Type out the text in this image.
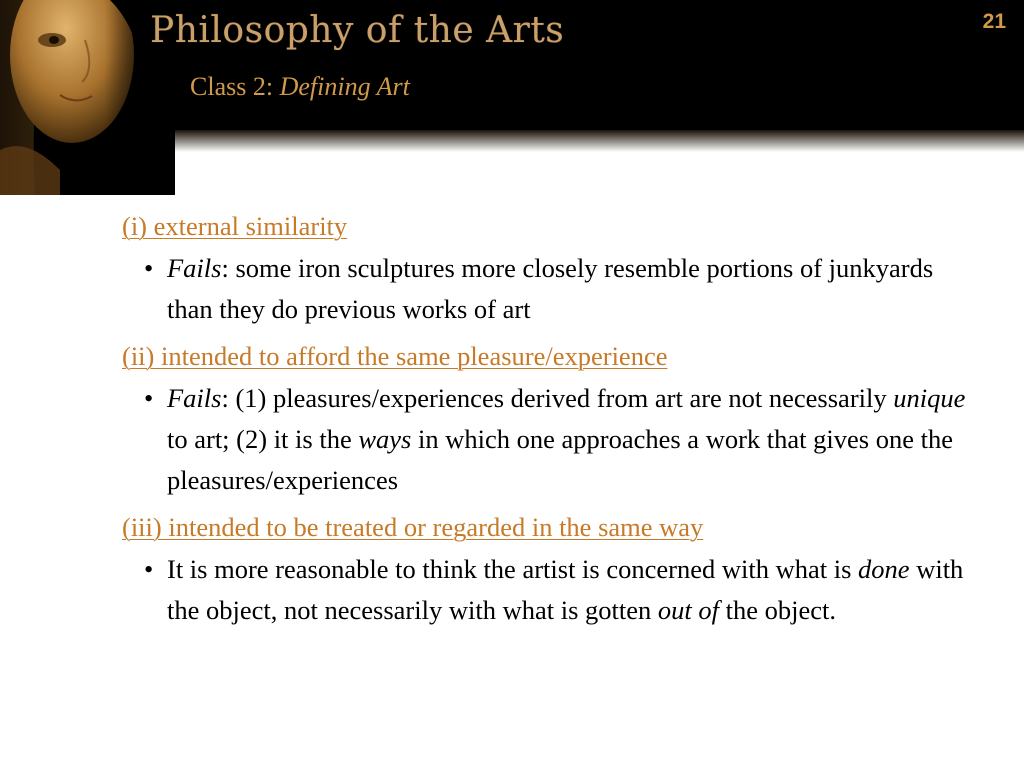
Philosophy of the Arts
Class 2: Defining Art
21
(i) external similarity
• Fails: some iron sculptures more closely resemble portions of junkyards than they do previous works of art
(ii) intended to afford the same pleasure/experience
• Fails: (1) pleasures/experiences derived from art are not necessarily unique to art; (2) it is the ways in which one approaches a work that gives one the pleasures/experiences
(iii) intended to be treated or regarded in the same way
• It is more reasonable to think the artist is concerned with what is done with the object, not necessarily with what is gotten out of the object.
